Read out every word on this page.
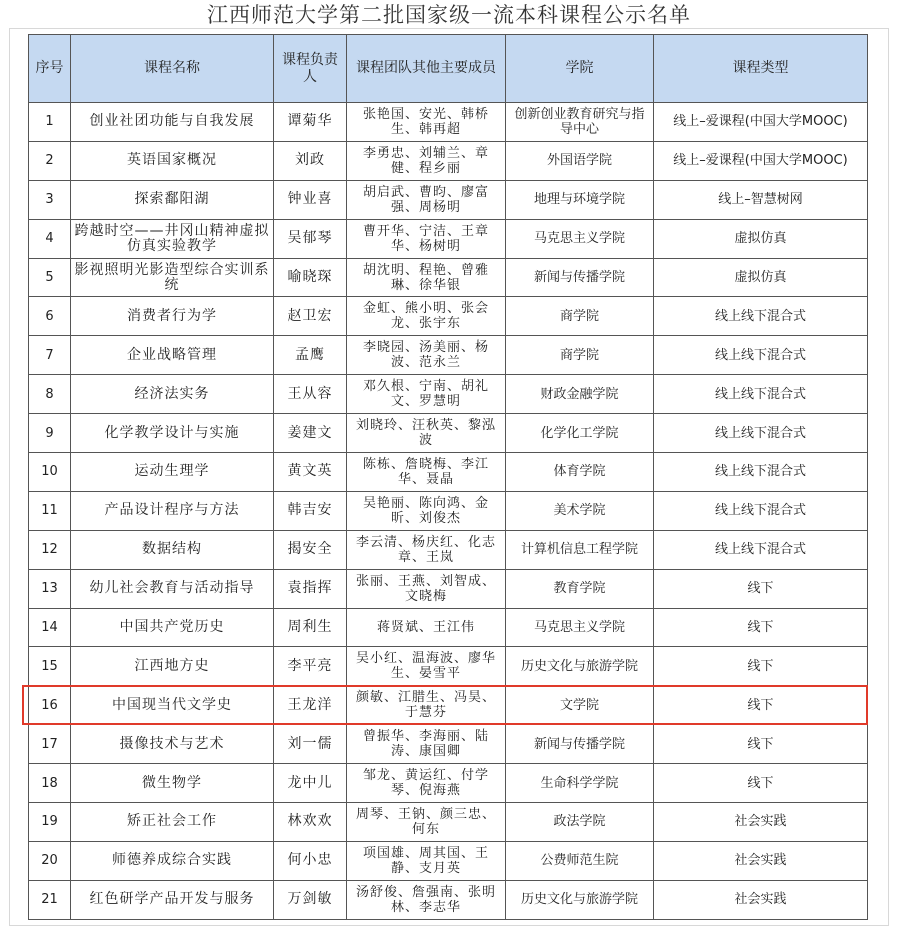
江西师范大学第二批国家级一流本科课程公示名单
序号	课程名称	课程负责人	课程团队其他主要成员	学院	课程类型
1	创业社团功能与自我发展	谭菊华	张艳国、安光、韩桥生、韩再超	创新创业教育研究与指导中心	线上–爱课程(中国大学MOOC)
2	英语国家概况	刘政	李勇忠、刘辅兰、章健、程乡丽	外国语学院	线上–爱课程(中国大学MOOC)
3	探索鄱阳湖	钟业喜	胡启武、曹昀、廖富强、周杨明	地理与环境学院	线上–智慧树网
4	跨越时空——井冈山精神虚拟仿真实验教学	吴郁琴	曹开华、宁洁、王章华、杨树明	马克思主义学院	虚拟仿真
5	影视照明光影造型综合实训系统	喻晓琛	胡沈明、程艳、曾雅琳、徐华银	新闻与传播学院	虚拟仿真
6	消费者行为学	赵卫宏	金虹、熊小明、张会龙、张宇东	商学院	线上线下混合式
7	企业战略管理	孟鹰	李晓园、汤美丽、杨波、范永兰	商学院	线上线下混合式
8	经济法实务	王从容	邓久根、宁南、胡礼文、罗慧明	财政金融学院	线上线下混合式
9	化学教学设计与实施	姜建文	刘晓玲、汪秋英、黎泓波	化学化工学院	线上线下混合式
10	运动生理学	黄文英	陈栋、詹晓梅、李江华、聂晶	体育学院	线上线下混合式
11	产品设计程序与方法	韩吉安	吴艳丽、陈向鸿、金昕、刘俊杰	美术学院	线上线下混合式
12	数据结构	揭安全	李云清、杨庆红、化志章、王岚	计算机信息工程学院	线上线下混合式
13	幼儿社会教育与活动指导	袁指挥	张丽、王燕、刘智成、文晓梅	教育学院	线下
14	中国共产党历史	周利生	蒋贤斌、王江伟	马克思主义学院	线下
15	江西地方史	李平亮	吴小红、温海波、廖华生、晏雪平	历史文化与旅游学院	线下
16	中国现当代文学史	王龙洋	颜敏、江腊生、冯昊、于慧芬	文学院	线下
17	摄像技术与艺术	刘一儒	曾振华、李海丽、陆涛、康国卿	新闻与传播学院	线下
18	微生物学	龙中儿	邹龙、黄运红、付学琴、倪海燕	生命科学学院	线下
19	矫正社会工作	林欢欢	周琴、王钠、颜三忠、何东	政法学院	社会实践
20	师德养成综合实践	何小忠	项国雄、周其国、王静、支月英	公费师范生院	社会实践
21	红色研学产品开发与服务	万剑敏	汤舒俊、詹强南、张明林、李志华	历史文化与旅游学院	社会实践
